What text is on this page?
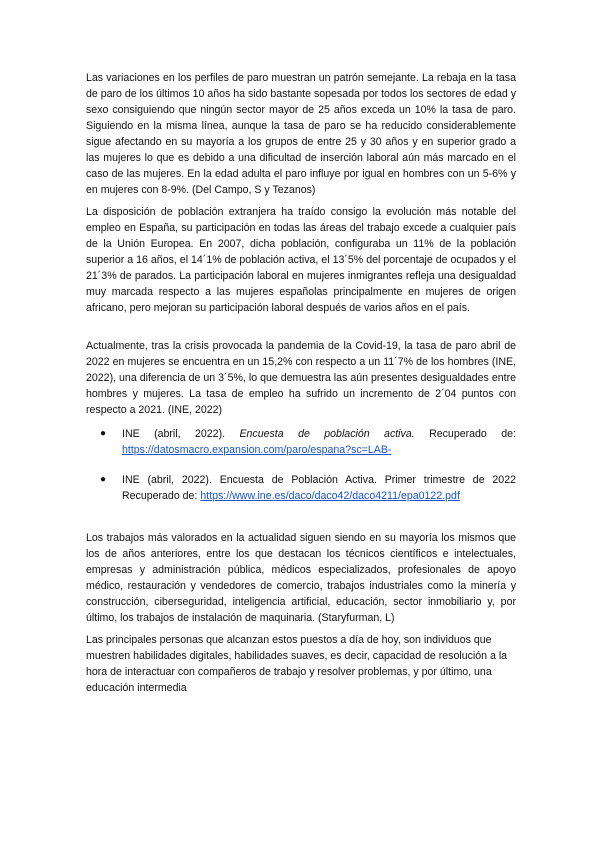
Las variaciones en los perfiles de paro muestran un patrón semejante. La rebaja en la tasa de paro de los últimos 10 años ha sido bastante sopesada por todos los sectores de edad y sexo consiguiendo que ningún sector mayor de 25 años exceda un 10% la tasa de paro. Siguiendo en la misma línea, aunque la tasa de paro se ha reducido considerablemente sigue afectando en su mayoría a los grupos de entre 25 y 30 años y en superior grado a las mujeres lo que es debido a una dificultad de inserción laboral aún más marcado en el caso de las mujeres. En la edad adulta el paro influye por igual en hombres con un 5-6% y en mujeres con 8-9%. (Del Campo, S y Tezanos)

La disposición de población extranjera ha traído consigo la evolución más notable del empleo en España, su participación en todas las áreas del trabajo excede a cualquier país de la Unión Europea. En 2007, dicha población, configuraba un 11% de la población superior a 16 años, el 14´1% de población activa, el 13´5% del porcentaje de ocupados y el 21´3% de parados. La participación laboral en mujeres inmigrantes refleja una desigualdad muy marcada respecto a las mujeres españolas principalmente en mujeres de origen africano, pero mejoran su participación laboral después de varios años en el país.

Actualmente, tras la crisis provocada la pandemia de la Covid-19, la tasa de paro abril de 2022 en mujeres se encuentra en un 15,2% con respecto a un 11´7% de los hombres (INE, 2022), una diferencia de un 3´5%, lo que demuestra las aún presentes desigualdades entre hombres y mujeres. La tasa de empleo ha sufrido un incremento de 2´04 puntos con respecto a 2021. (INE, 2022)

● INE (abril, 2022). Encuesta de población activa. Recuperado de: https://datosmacro.expansion.com/paro/espana?sc=LAB-
● INE (abril, 2022). Encuesta de Población Activa. Primer trimestre de 2022 Recuperado de: https://www.ine.es/daco/daco42/daco4211/epa0122.pdf

Los trabajos más valorados en la actualidad siguen siendo en su mayoría los mismos que los de años anteriores, entre los que destacan los técnicos científicos e intelectuales, empresas y administración pública, médicos especializados, profesionales de apoyo médico, restauración y vendedores de comercio, trabajos industriales como la minería y construcción, ciberseguridad, inteligencia artificial, educación, sector inmobiliario y, por último, los trabajos de instalación de maquinaria. (Staryfurman, L)

Las principales personas que alcanzan estos puestos a día de hoy, son individuos que muestren habilidades digitales, habilidades suaves, es decir, capacidad de resolución a la hora de interactuar con compañeros de trabajo y resolver problemas, y por último, una educación intermedia
